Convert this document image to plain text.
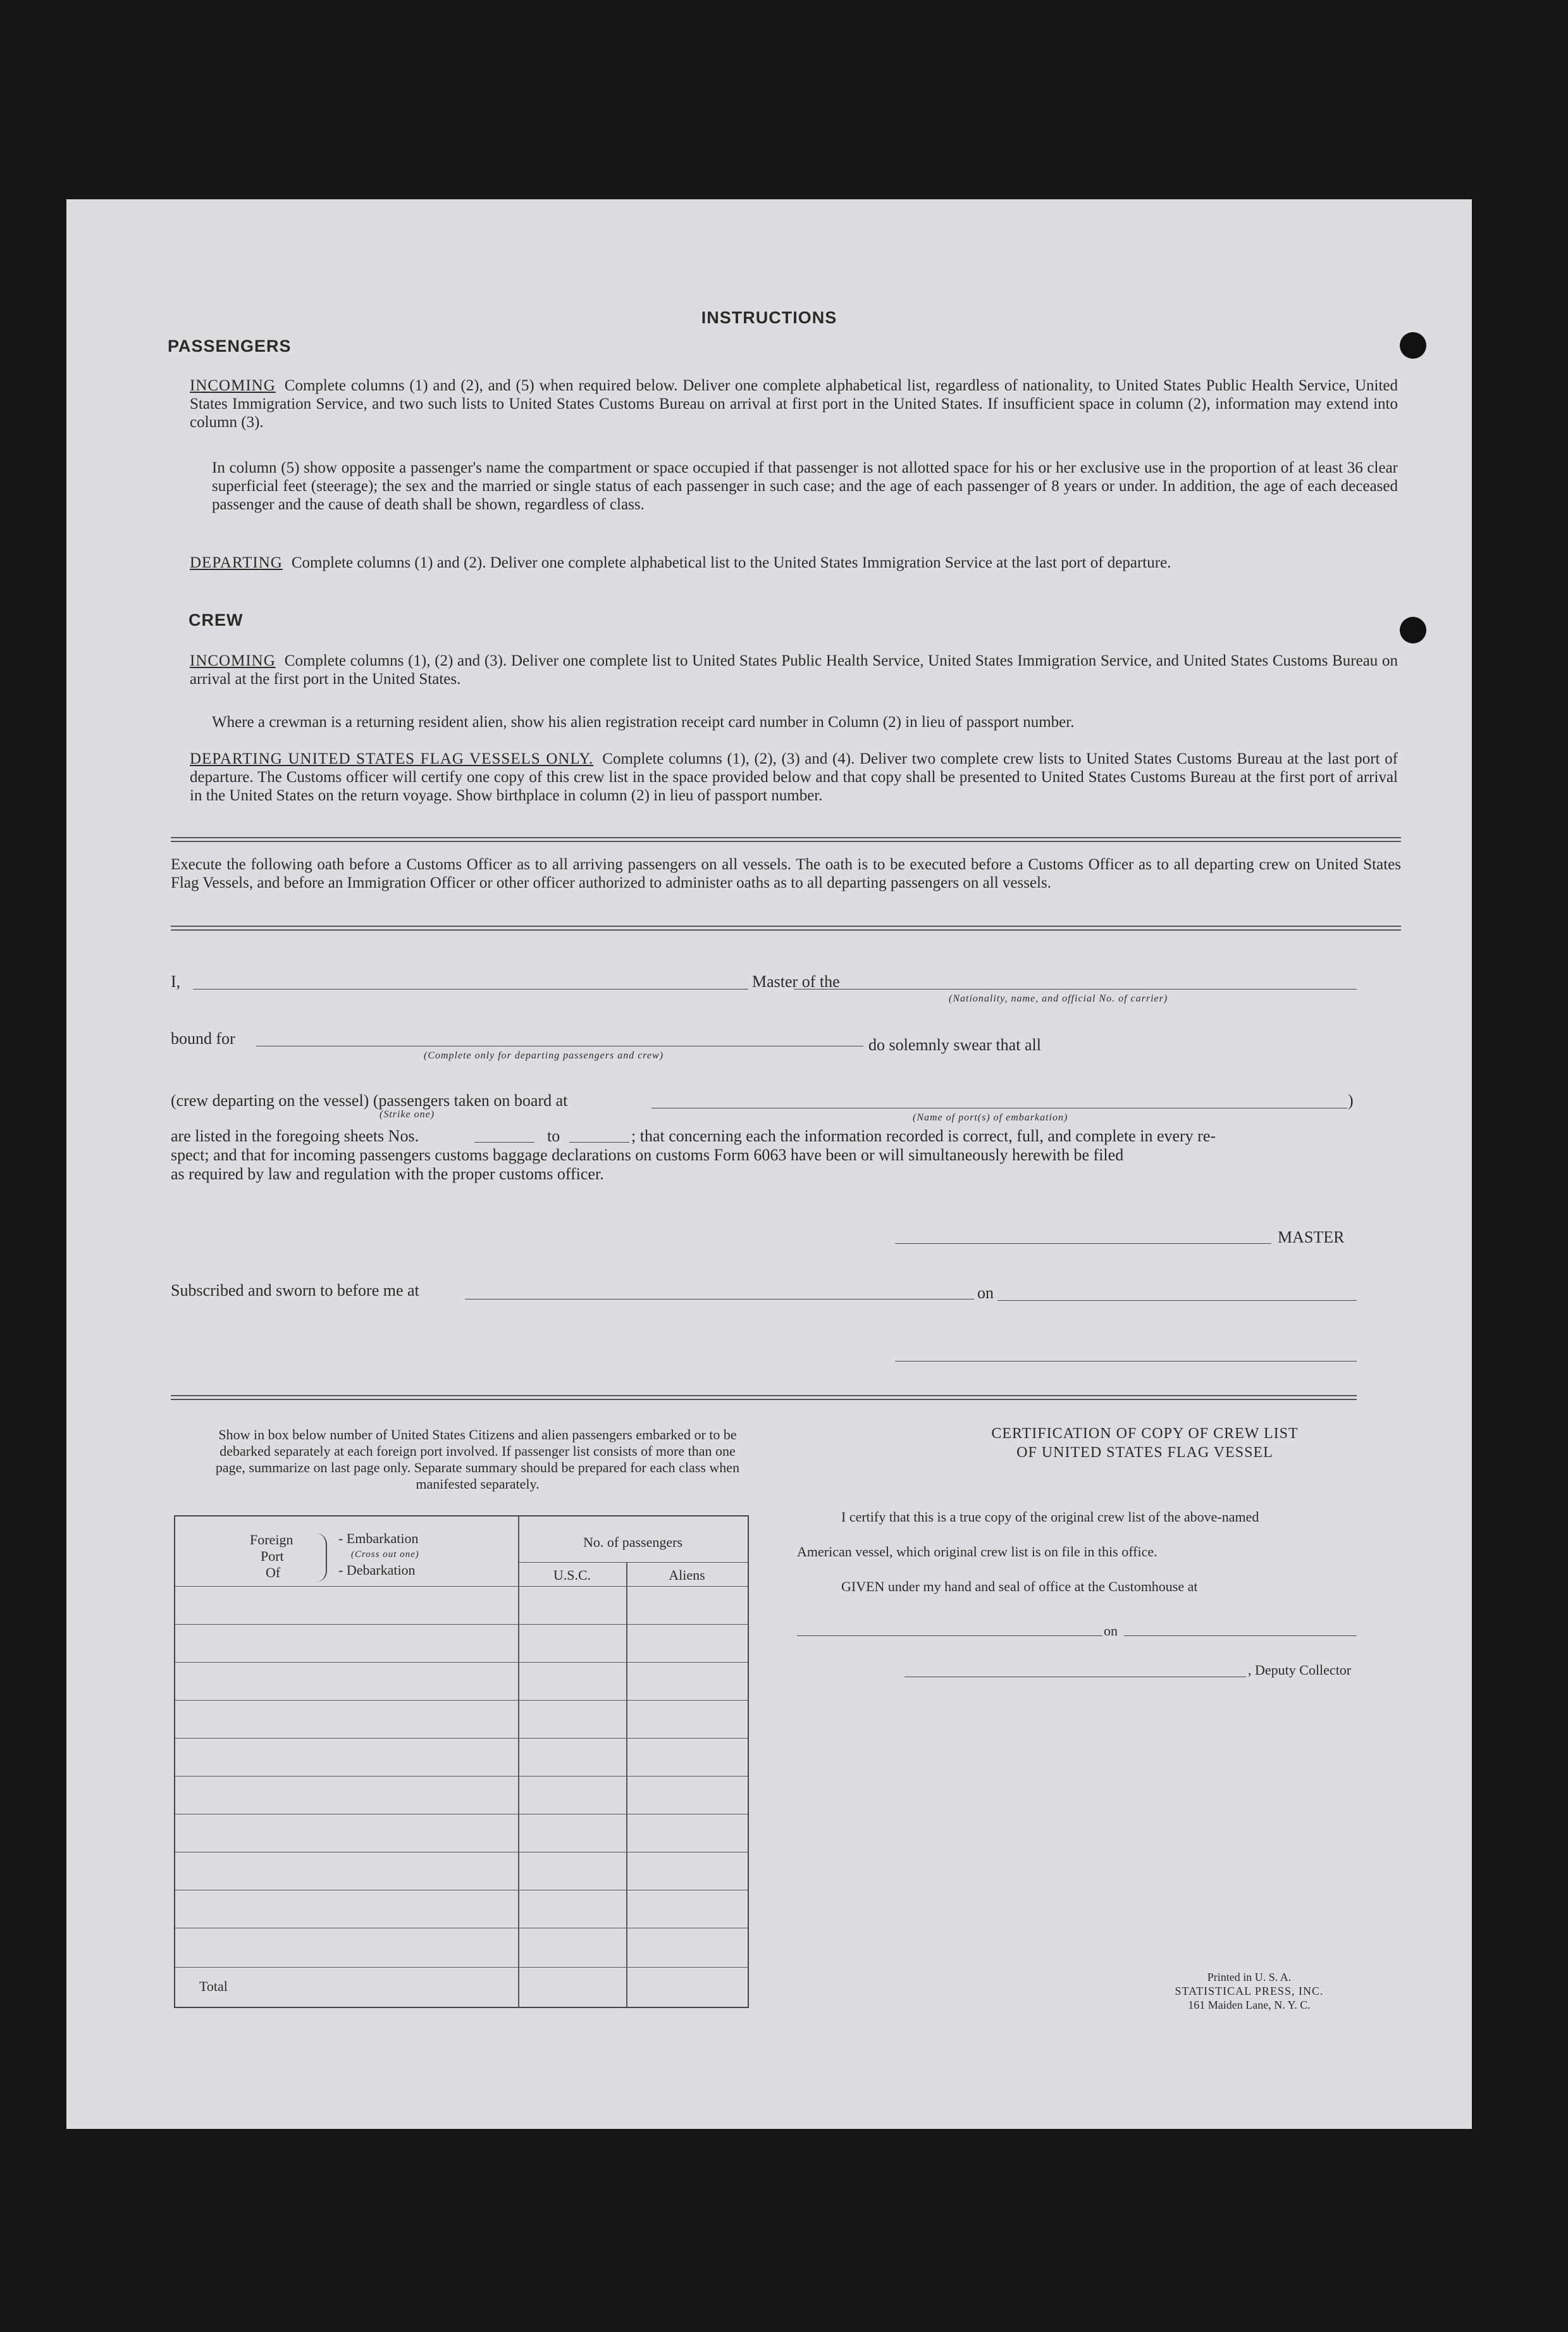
INSTRUCTIONS
PASSENGERS
INCOMING Complete columns (1) and (2), and (5) when required below. Deliver one complete alphabetical list, regardless of nationality, to United States Public Health Service, United States Immigration Service, and two such lists to United States Customs Bureau on arrival at first port in the United States. If insufficient space in column (2), information may extend into column (3).
In column (5) show opposite a passenger's name the compartment or space occupied if that passenger is not allotted space for his or her exclusive use in the proportion of at least 36 clear superficial feet (steerage); the sex and the married or single status of each passenger in such case; and the age of each passenger of 8 years or under. In addition, the age of each deceased passenger and the cause of death shall be shown, regardless of class.
DEPARTING Complete columns (1) and (2). Deliver one complete alphabetical list to the United States Immigration Service at the last port of departure.
CREW
INCOMING Complete columns (1), (2) and (3). Deliver one complete list to United States Public Health Service, United States Immigration Service, and United States Customs Bureau on arrival at the first port in the United States.
Where a crewman is a returning resident alien, show his alien registration receipt card number in Column (2) in lieu of passport number.
DEPARTING UNITED STATES FLAG VESSELS ONLY. Complete columns (1), (2), (3) and (4). Deliver two complete crew lists to United States Customs Bureau at the last port of departure. The Customs officer will certify one copy of this crew list in the space provided below and that copy shall be presented to United States Customs Bureau at the first port of arrival in the United States on the return voyage. Show birthplace in column (2) in lieu of passport number.
Execute the following oath before a Customs Officer as to all arriving passengers on all vessels. The oath is to be executed before a Customs Officer as to all departing crew on United States Flag Vessels, and before an Immigration Officer or other officer authorized to administer oaths as to all departing passengers on all vessels.
I,	Master of the
(Nationality, name, and official No. of carrier)
bound for
(Complete only for departing passengers and crew)
do solemnly swear that all
(crew departing on the vessel) (passengers taken on board at
(Strike one)
)
(Name of port(s) of embarkation)
are listed in the foregoing sheets Nos.	to	; that concerning each the information recorded is correct, full, and complete in every re-
spect; and that for incoming passengers customs baggage declarations on customs Form 6063 have been or will simultaneously herewith be filed
as required by law and regulation with the proper customs officer.
MASTER
Subscribed and sworn to before me at	on
Show in box below number of United States Citizens and alien passengers embarked or to be debarked separately at each foreign port involved. If passenger list consists of more than one page, summarize on last page only. Separate summary should be prepared for each class when manifested separately.
Foreign
Port
Of
- Embarkation
(Cross out one)
- Debarkation
No. of passengers
U.S.C.	Aliens
Total
CERTIFICATION OF COPY OF CREW LIST
OF UNITED STATES FLAG VESSEL
I certify that this is a true copy of the original crew list of the above-named
American vessel, which original crew list is on file in this office.
GIVEN under my hand and seal of office at the Customhouse at
on
, Deputy Collector
Printed in U. S. A.
STATISTICAL PRESS, INC.
161 Maiden Lane, N. Y. C.
